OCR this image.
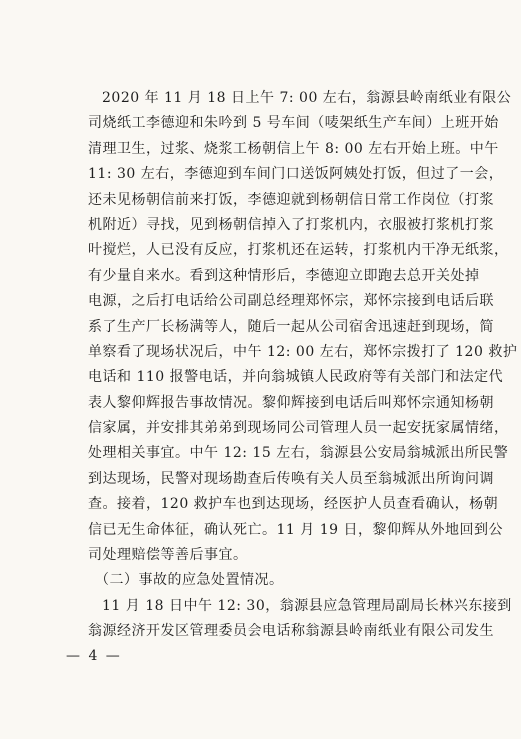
2020 年 11 月 18 日上午 7: 00 左右，翁源县岭南纸业有限公
司烧纸工李德迎和朱吟到 5 号车间（唛架纸生产车间）上班开始
清理卫生，过浆、烧浆工杨朝信上午 8: 00 左右开始上班。中午
11: 30 左右，李德迎到车间门口送饭阿姨处打饭，但过了一会，
还未见杨朝信前来打饭，李德迎就到杨朝信日常工作岗位（打浆
机附近）寻找，见到杨朝信掉入了打浆机内，衣服被打浆机打浆
叶搅烂，人已没有反应，打浆机还在运转，打浆机内干净无纸浆，
有少量自来水。看到这种情形后，李德迎立即跑去总开关处掉
电源，之后打电话给公司副总经理郑怀宗，郑怀宗接到电话后联
系了生产厂长杨满等人，随后一起从公司宿舍迅速赶到现场，简
单察看了现场状况后，中午 12: 00 左右，郑怀宗拨打了 120 救护
电话和 110 报警电话，并向翁城镇人民政府等有关部门和法定代
表人黎仰辉报告事故情况。黎仰辉接到电话后叫郑怀宗通知杨朝
信家属，并安排其弟弟到现场同公司管理人员一起安抚家属情绪，
处理相关事宜。中午 12: 15 左右，翁源县公安局翁城派出所民警
到达现场，民警对现场勘查后传唤有关人员至翁城派出所询问调
查。接着，120 救护车也到达现场，经医护人员查看确认，杨朝
信已无生命体征，确认死亡。11 月 19 日，黎仰辉从外地回到公
司处理赔偿等善后事宜。
（二）事故的应急处置情况。
11 月 18 日中午 12: 30，翁源县应急管理局副局长林兴东接到
翁源经济开发区管理委员会电话称翁源县岭南纸业有限公司发生
— 4 —
